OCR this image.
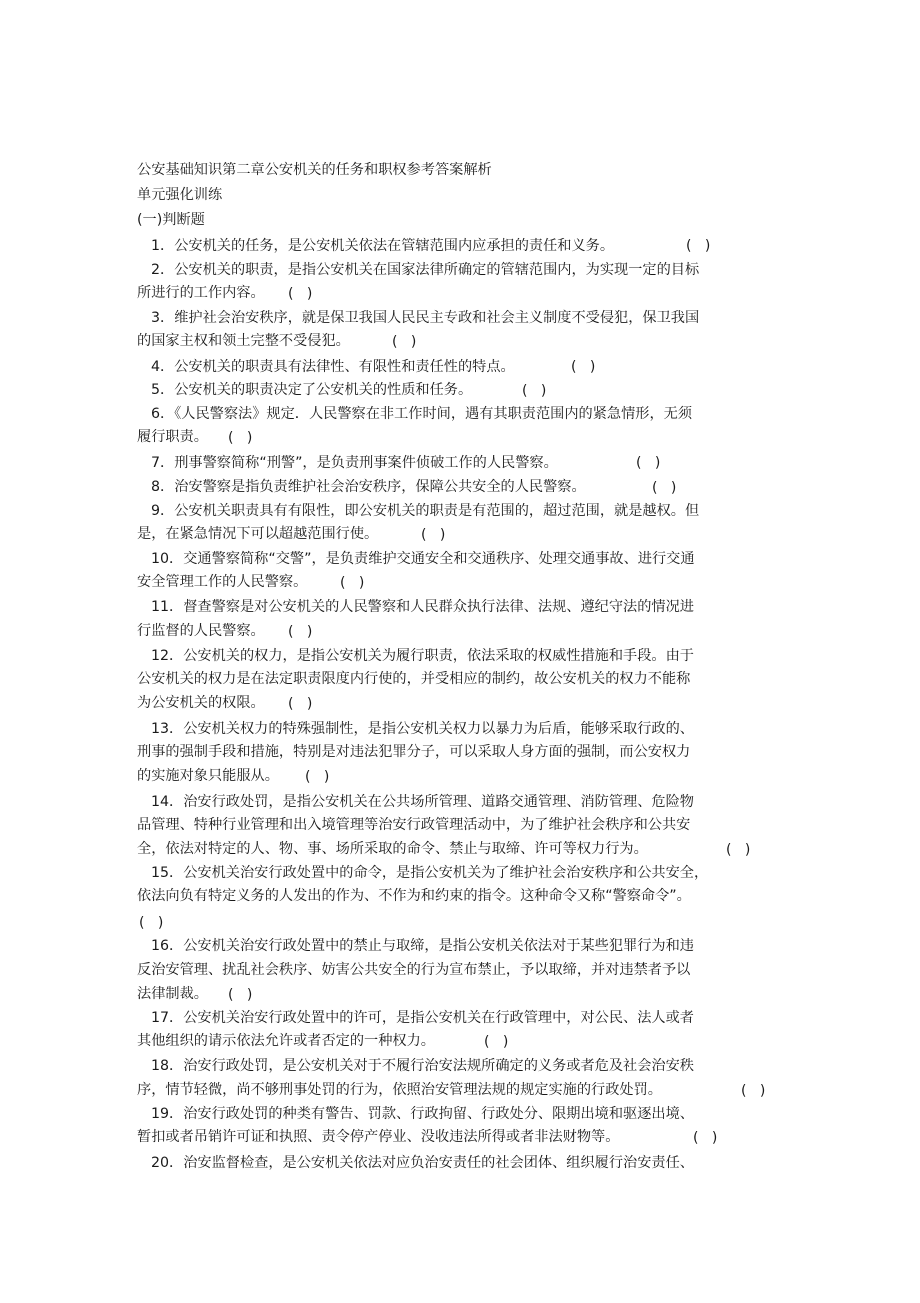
公安基础知识第二章公安机关的任务和职权参考答案解析
单元强化训练
(一)判断题
1．公安机关的任务，是公安机关依法在管辖范围内应承担的责任和义务。	(   )
2．公安机关的职责，是指公安机关在国家法律所确定的管辖范围内，为实现一定的目标
所进行的工作内容。 (   )
3．维护社会治安秩序，就是保卫我国人民民主专政和社会主义制度不受侵犯，保卫我国
的国家主权和领土完整不受侵犯。	(   )
4．公安机关的职责具有法律性、有限性和责任性的特点。	(   )
5．公安机关的职责决定了公安机关的性质和任务。	(   )
6．《人民警察法》规定．人民警察在非工作时间，遇有其职责范围内的紧急情形，无须
履行职责。 (   )
7．刑事警察简称“刑警”，是负责刑事案件侦破工作的人民警察。	(   )
8．治安警察是指负责维护社会治安秩序，保障公共安全的人民警察。	(   )
9．公安机关职责具有有限性，即公安机关的职责是有范围的，超过范围，就是越权。但
是，在紧急情况下可以超越范围行使。	(   )
10．交通警察简称“交警”，是负责维护交通安全和交通秩序、处理交通事故、进行交通
安全管理工作的人民警察。 (   )
11．督查警察是对公安机关的人民警察和人民群众执行法律、法规、遵纪守法的情况进
行监督的人民警察。 (   )
12．公安机关的权力，是指公安机关为履行职责，依法采取的权威性措施和手段。由于
公安机关的权力是在法定职责限度内行使的，并受相应的制约，故公安机关的权力不能称
为公安机关的权限。 (   )
13．公安机关权力的特殊强制性，是指公安机关权力以暴力为后盾，能够采取行政的、
刑事的强制手段和措施，特别是对违法犯罪分子，可以采取人身方面的强制，而公安权力
的实施对象只能服从。 (   )
14．治安行政处罚，是指公安机关在公共场所管理、道路交通管理、消防管理、危险物
品管理、特种行业管理和出入境管理等治安行政管理活动中，为了维护社会秩序和公共安
全，依法对特定的人、物、事、场所采取的命令、禁止与取缔、许可等权力行为。	(   )
15．公安机关治安行政处置中的命令，是指公安机关为了维护社会治安秩序和公共安全，
依法向负有特定义务的人发出的作为、不作为和约束的指令。这种命令又称“警察命令”。
(   )
16．公安机关治安行政处置中的禁止与取缔，是指公安机关依法对于某些犯罪行为和违
反治安管理、扰乱社会秩序、妨害公共安全的行为宣布禁止，予以取缔，并对违禁者予以
法律制裁。 (   )
17．公安机关治安行政处置中的许可，是指公安机关在行政管理中，对公民、法人或者
其他组织的请示依法允许或者否定的一种权力。	(   )
18．治安行政处罚，是公安机关对于不履行治安法规所确定的义务或者危及社会治安秩
序，情节轻微，尚不够刑事处罚的行为，依照治安管理法规的规定实施的行政处罚。	(   )
19．治安行政处罚的种类有警告、罚款、行政拘留、行政处分、限期出境和驱逐出境、
暂扣或者吊销许可证和执照、责令停产停业、没收违法所得或者非法财物等。	(   )
20．治安监督检查，是公安机关依法对应负治安责任的社会团体、组织履行治安责任、
